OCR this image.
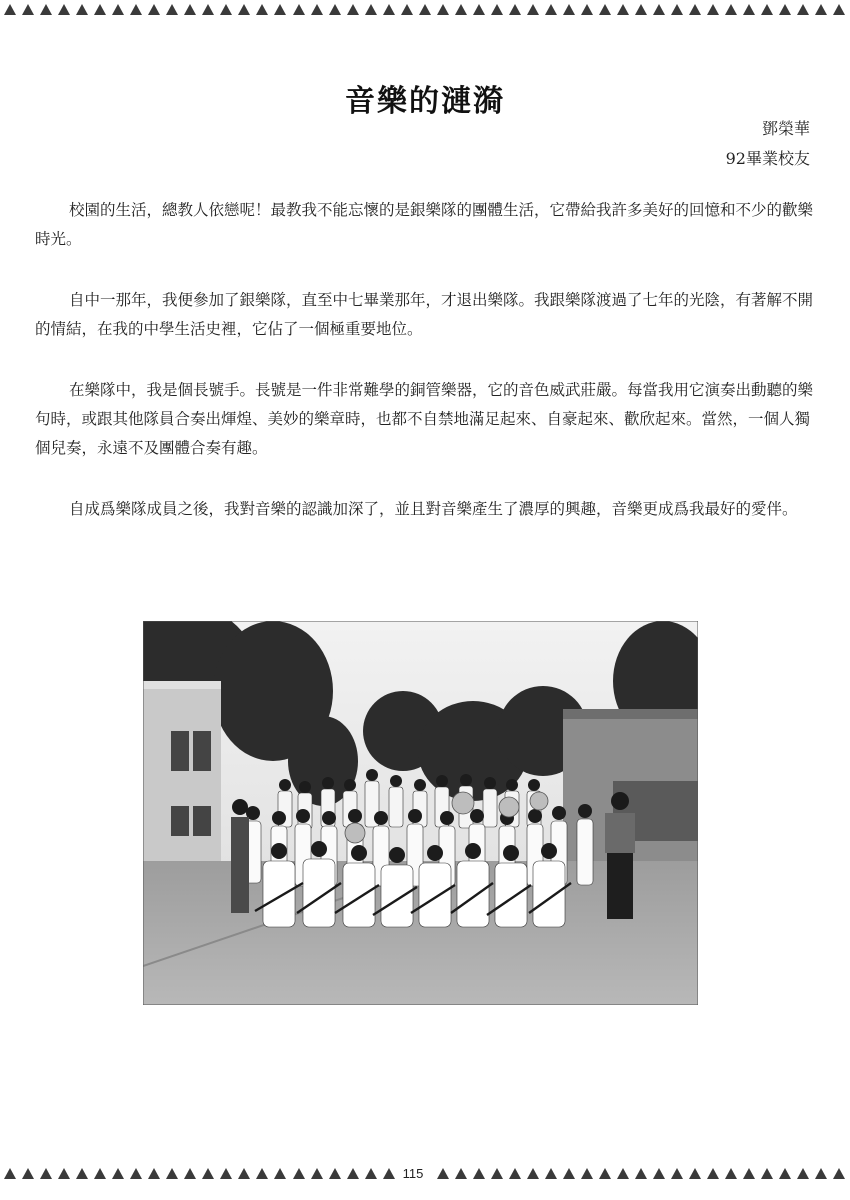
音樂的漣漪
鄧榮華
92畢業校友

校園的生活，總教人依戀呢！最教我不能忘懷的是銀樂隊的團體生活，它帶給我許多美好的回憶和不少的歡樂時光。

自中一那年，我便參加了銀樂隊，直至中七畢業那年，才退出樂隊。我跟樂隊渡過了七年的光陰，有著解不開的情結，在我的中學生活史裡，它佔了一個極重要地位。

在樂隊中，我是個長號手。長號是一件非常難學的銅管樂器，它的音色威武莊嚴。每當我用它演奏出動聽的樂句時，或跟其他隊員合奏出煇煌、美妙的樂章時，也都不自禁地滿足起來、自豪起來、歡欣起來。當然，一個人獨個兒奏，永遠不及團體合奏有趣。

自成爲樂隊成員之後，我對音樂的認識加深了，並且對音樂產生了濃厚的興趣，音樂更成爲我最好的愛伴。

115
